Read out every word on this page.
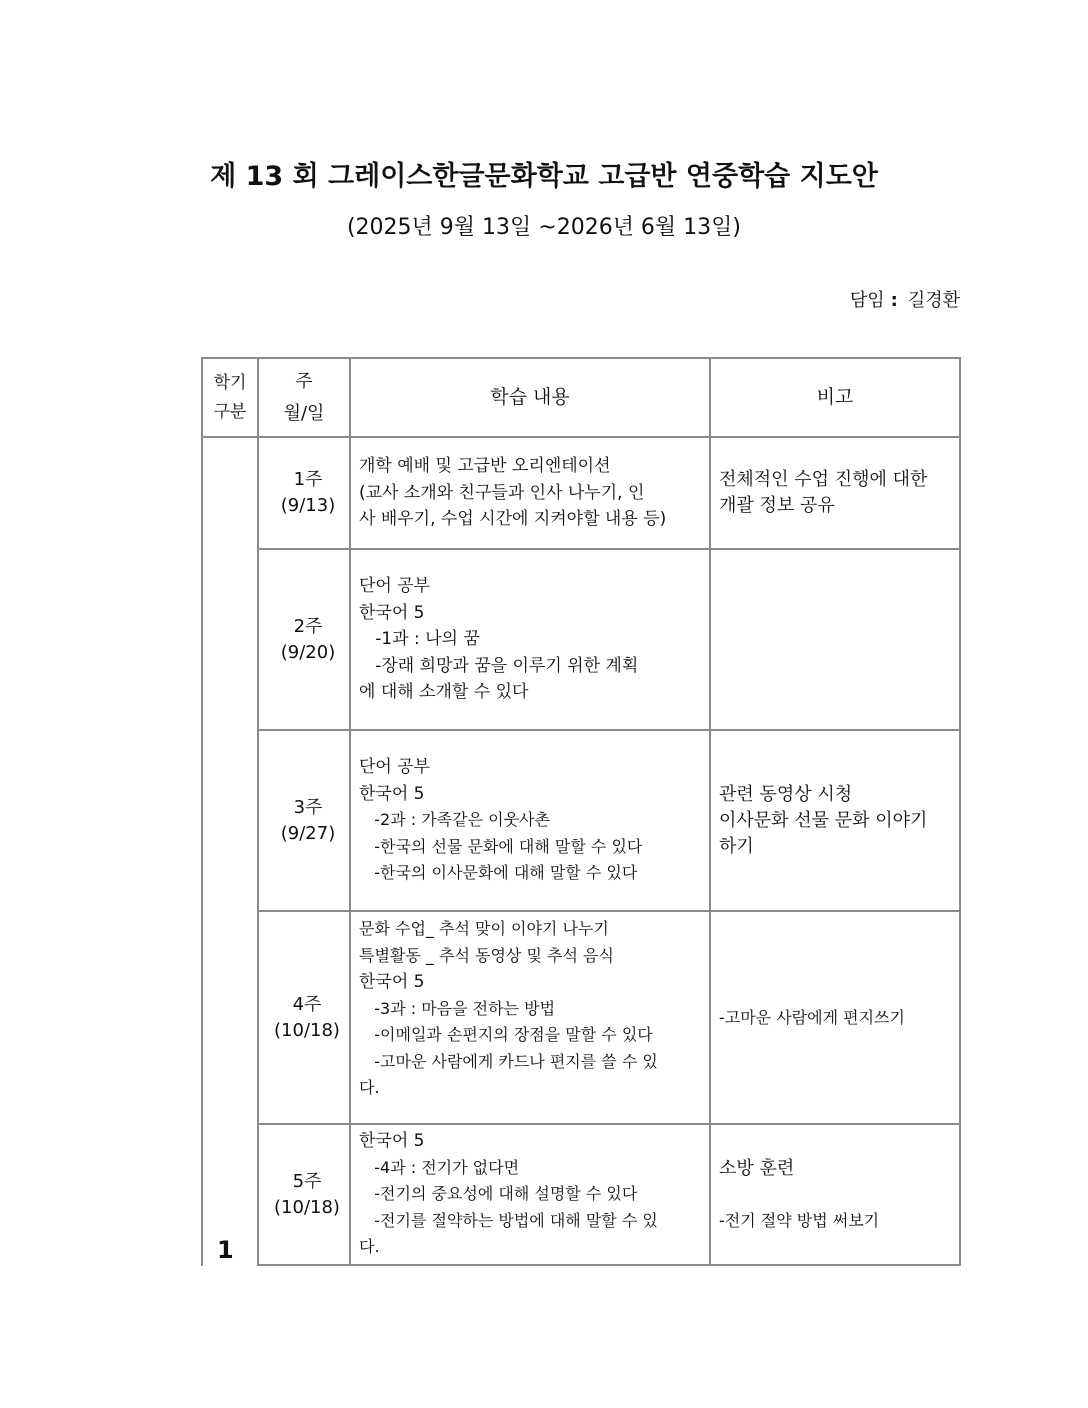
제 13 회 그레이스한글문화학교 고급반 연중학습 지도안
(2025년 9월 13일 ~2026년 6월 13일)
담임 : 길경환
학기
구분
주
월/일
학습 내용	비고
1
1주
(9/13)
개학 예배 및 고급반 오리엔테이션
(교사 소개와 친구들과 인사 나누기, 인
사 배우기, 수업 시간에 지켜야할 내용 등)
전체적인 수업 진행에 대한
개괄 정보 공유
2주
(9/20)
단어 공부
한국어 5
-1과 : 나의 꿈
-장래 희망과 꿈을 이루기 위한 계획
에 대해 소개할 수 있다
3주
(9/27)
단어 공부
한국어 5
-2과 : 가족같은 이웃사촌
-한국의 선물 문화에 대해 말할 수 있다
-한국의 이사문화에 대해 말할 수 있다
관련 동영상 시청
이사문화 선물 문화 이야기
하기
4주
(10/18)
문화 수업_ 추석 맞이 이야기 나누기
특별활동 _ 추석 동영상 및 추석 음식
한국어 5
-3과 : 마음을 전하는 방법
-이메일과 손편지의 장점을 말할 수 있다
-고마운 사람에게 카드나 편지를 쓸 수 있
다.
-고마운 사람에게 편지쓰기
5주
(10/18)
한국어 5
-4과 : 전기가 없다면
-전기의 중요성에 대해 설명할 수 있다
-전기를 절약하는 방법에 대해 말할 수 있
다.
소방 훈련

-전기 절약 방법 써보기
